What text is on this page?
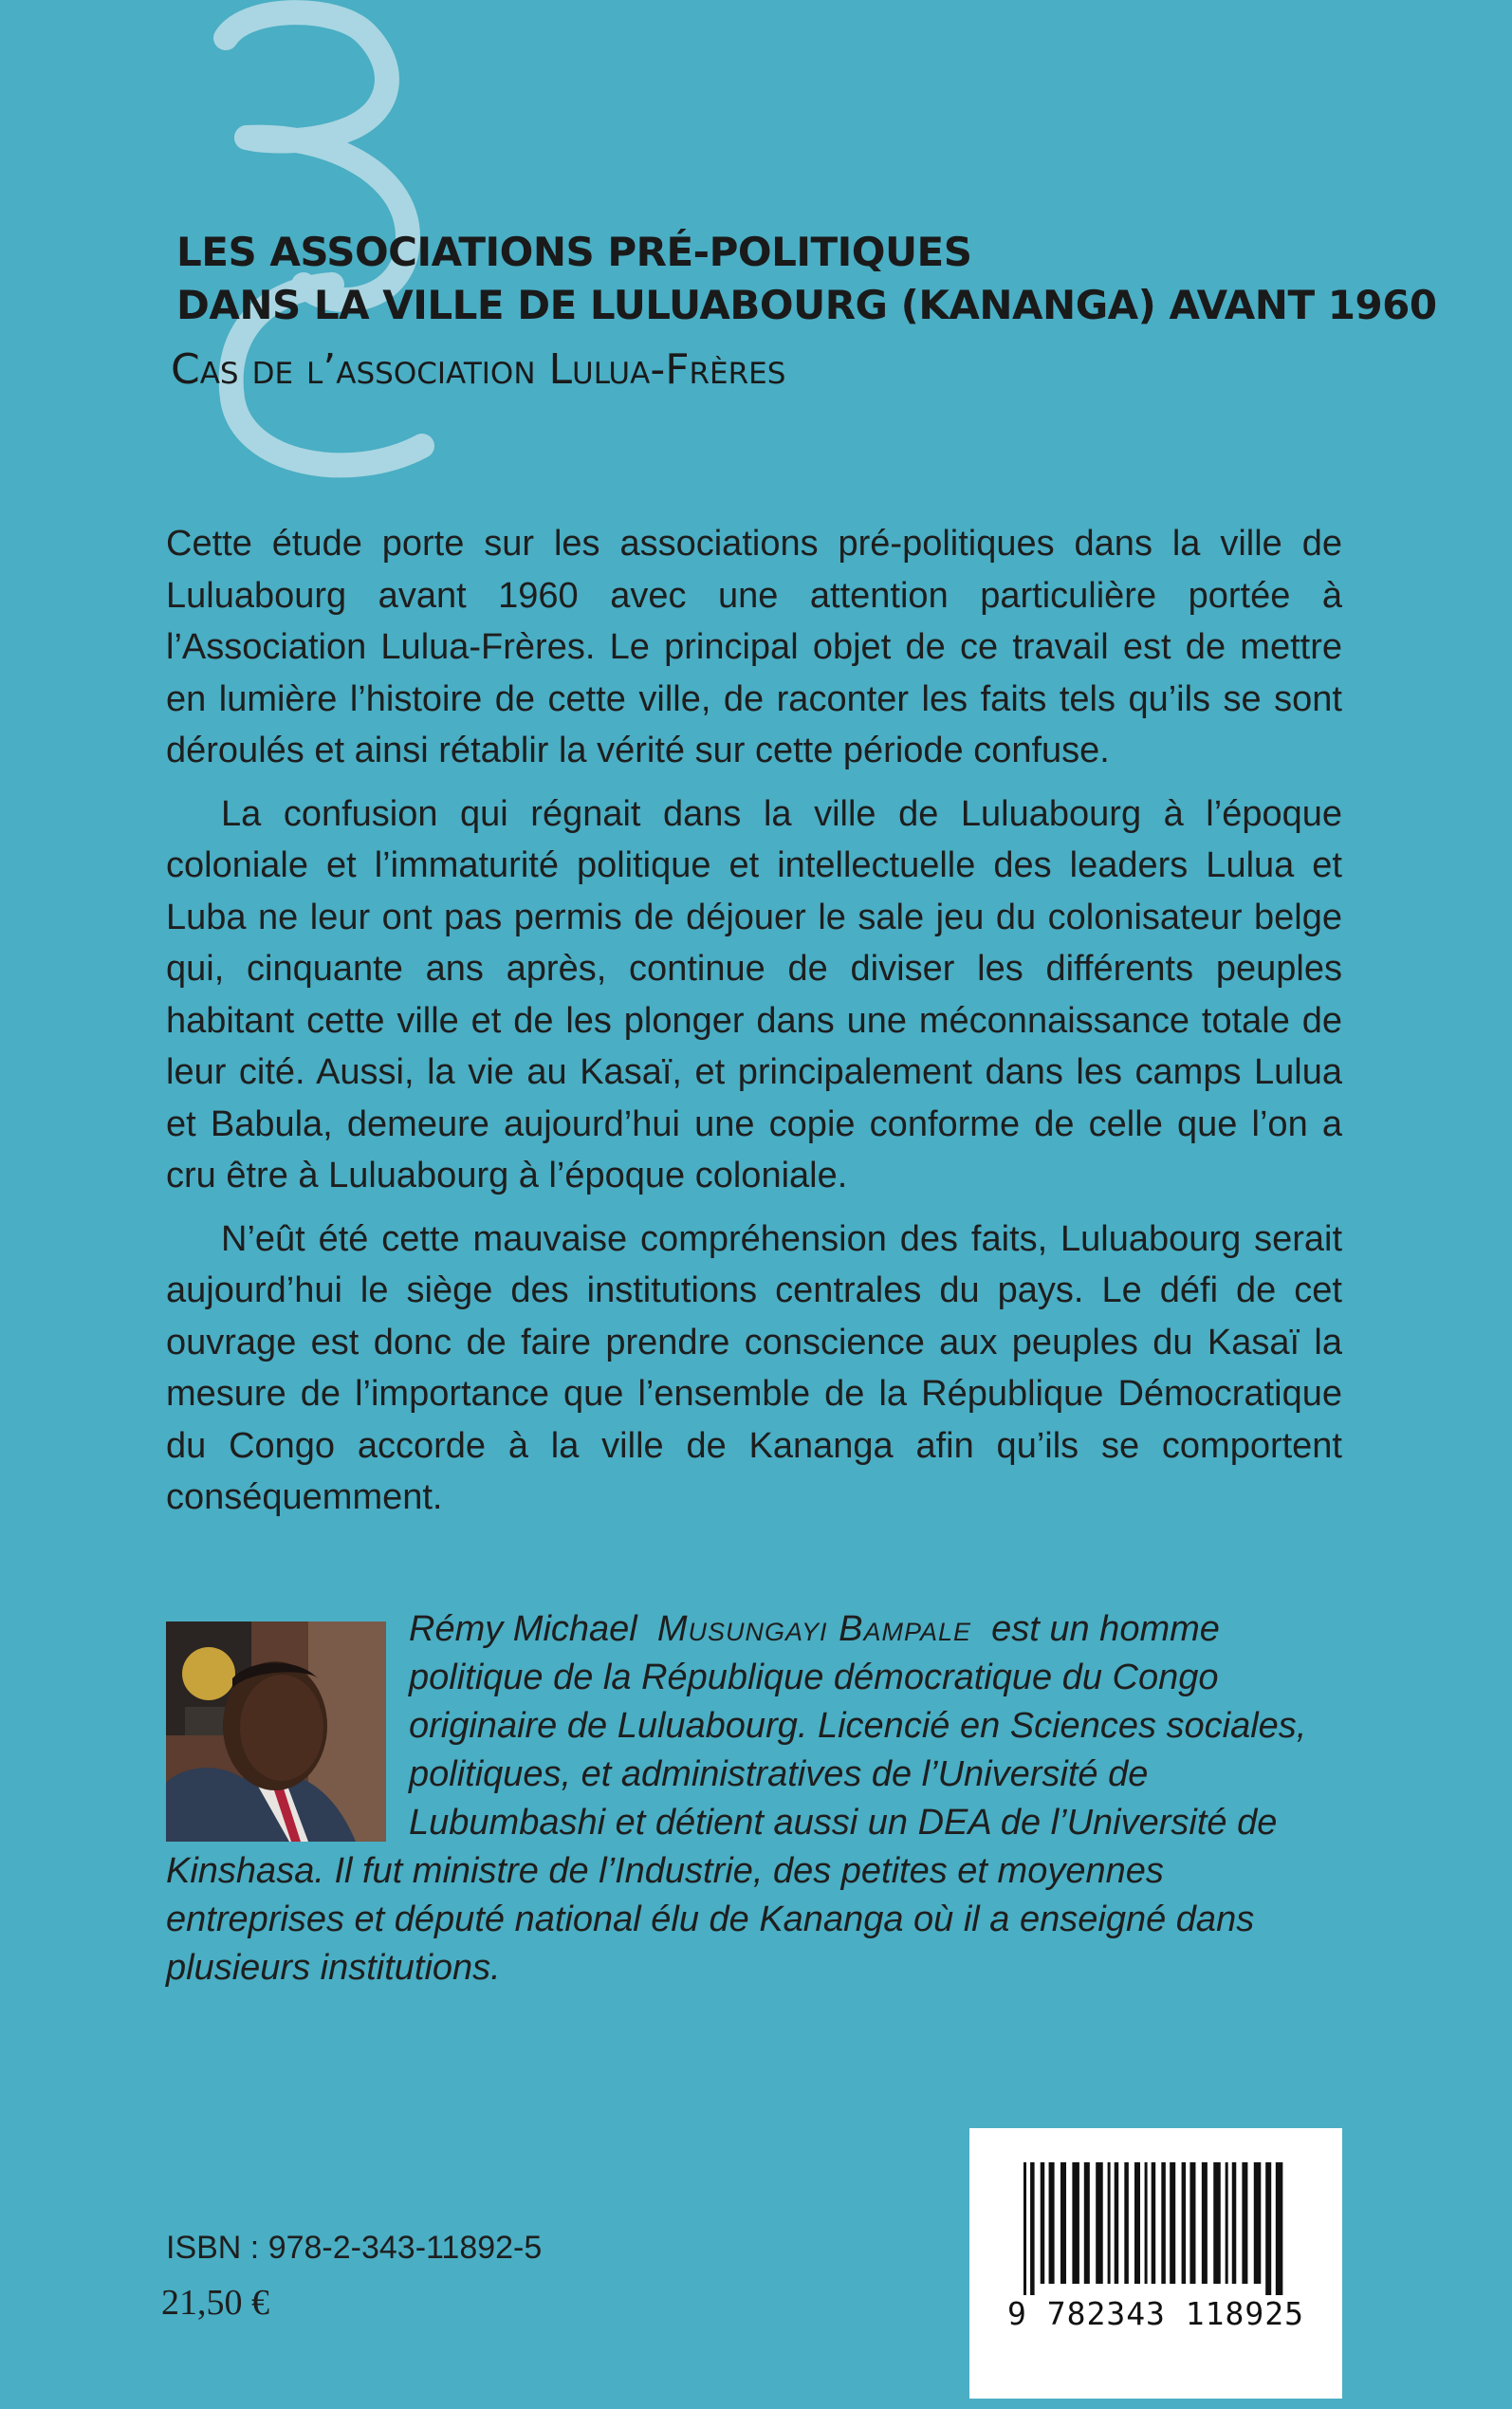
LES ASSOCIATIONS PRÉ-POLITIQUES
DANS LA VILLE DE LULUABOURG (KANANGA) AVANT 1960
Cas de l’association Lulua-Frères

Cette étude porte sur les associations pré-politiques dans la ville de Luluabourg avant 1960 avec une attention particulière portée à l’Association Lulua-Frères. Le principal objet de ce travail est de mettre en lumière l’histoire de cette ville, de raconter les faits tels qu’ils se sont déroulés et ainsi rétablir la vérité sur cette période confuse.

La confusion qui régnait dans la ville de Luluabourg à l’époque coloniale et l’immaturité politique et intellectuelle des leaders Lulua et Luba ne leur ont pas permis de déjouer le sale jeu du colonisateur belge qui, cinquante ans après, continue de diviser les différents peuples habitant cette ville et de les plonger dans une méconnaissance totale de leur cité. Aussi, la vie au Kasaï, et principalement dans les camps Lulua et Babula, demeure aujourd’hui une copie conforme de celle que l’on a cru être à Luluabourg à l’époque coloniale.

N’eût été cette mauvaise compréhension des faits, Luluabourg serait aujourd’hui le siège des institutions centrales du pays. Le défi de cet ouvrage est donc de faire prendre conscience aux peuples du Kasaï la mesure de l’importance que l’ensemble de la République Démocratique du Congo accorde à la ville de Kananga afin qu’ils se comportent conséquemment.

Rémy Michael Musungayi Bampale est un homme politique de la République démocratique du Congo originaire de Luluabourg. Licencié en Sciences sociales, politiques, et administratives de l’Université de Lubumbashi et détient aussi un DEA de l’Université de Kinshasa. Il fut ministre de l’Industrie, des petites et moyennes entreprises et député national élu de Kananga où il a enseigné dans plusieurs institutions.
ISBN : 978-2-343-11892-5
21,50 €	9 782343 118925
